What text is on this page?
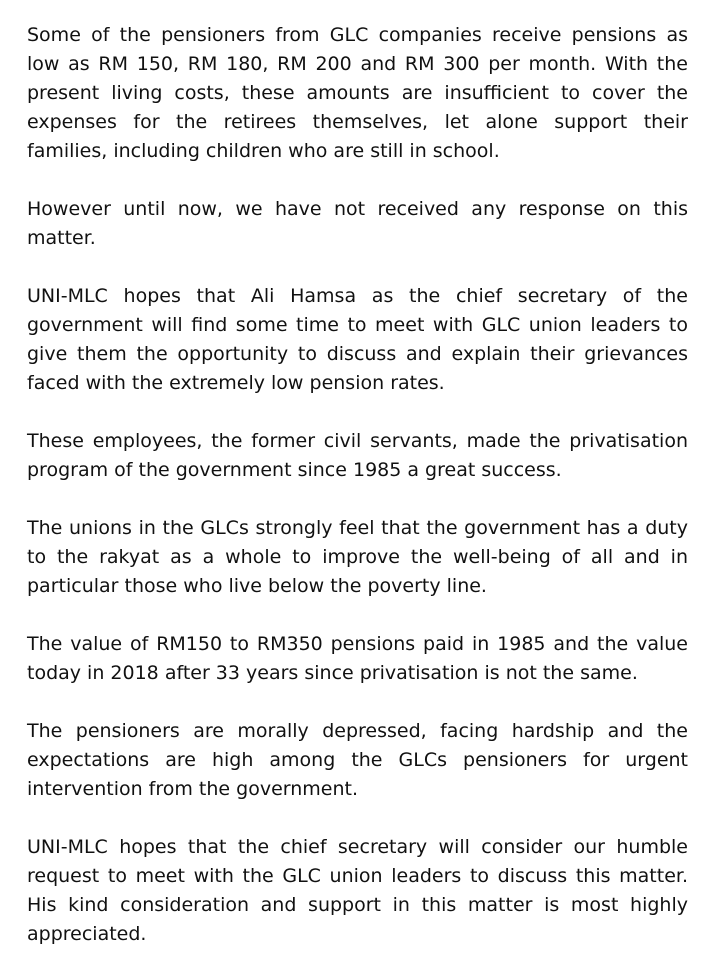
Some of the pensioners from GLC companies receive pensions as low as RM 150, RM 180, RM 200 and RM 300 per month. With the present living costs, these amounts are insufficient to cover the expenses for the retirees themselves, let alone support their families, including children who are still in school.

However until now, we have not received any response on this matter.

UNI-MLC hopes that Ali Hamsa as the chief secretary of the government will find some time to meet with GLC union leaders to give them the opportunity to discuss and explain their grievances faced with the extremely low pension rates.

These employees, the former civil servants, made the privatisation program of the government since 1985 a great success.

The unions in the GLCs strongly feel that the government has a duty to the rakyat as a whole to improve the well-being of all and in particular those who live below the poverty line.

The value of RM150 to RM350 pensions paid in 1985 and the value today in 2018 after 33 years since privatisation is not the same.

The pensioners are morally depressed, facing hardship and the expectations are high among the GLCs pensioners for urgent intervention from the government.

UNI-MLC hopes that the chief secretary will consider our humble request to meet with the GLC union leaders to discuss this matter. His kind consideration and support in this matter is most highly appreciated.
